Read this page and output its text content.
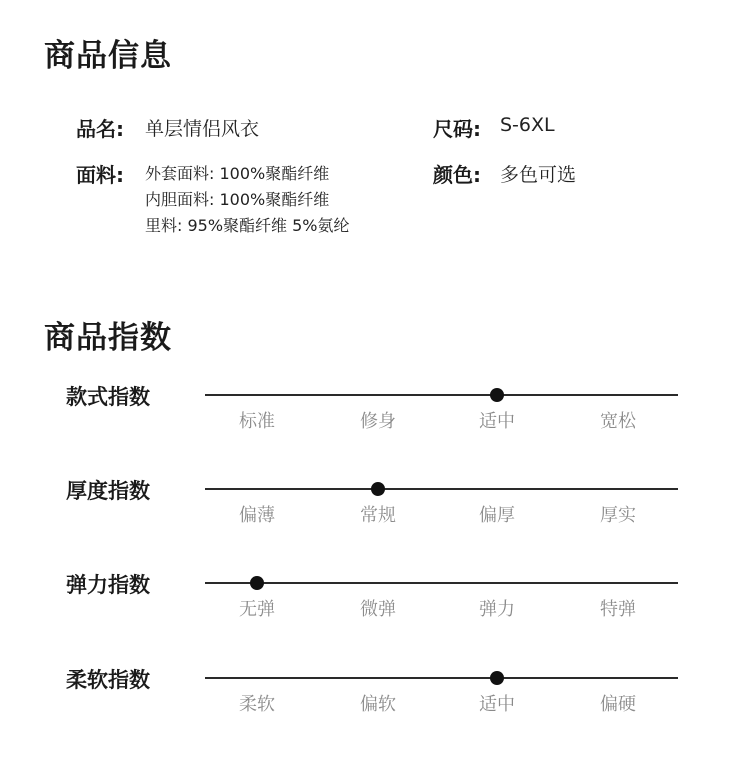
商品信息
品名: 单层情侣风衣	尺码: S-6XL
面料: 外套面料: 100%聚酯纤维
内胆面料: 100%聚酯纤维
里料: 95%聚酯纤维 5%氨纶
颜色: 多色可选
商品指数
款式指数
标准	修身	适中	宽松
厚度指数
偏薄	常规	偏厚	厚实
弹力指数
无弹	微弹	弹力	特弹
柔软指数
柔软	偏软	适中	偏硬
